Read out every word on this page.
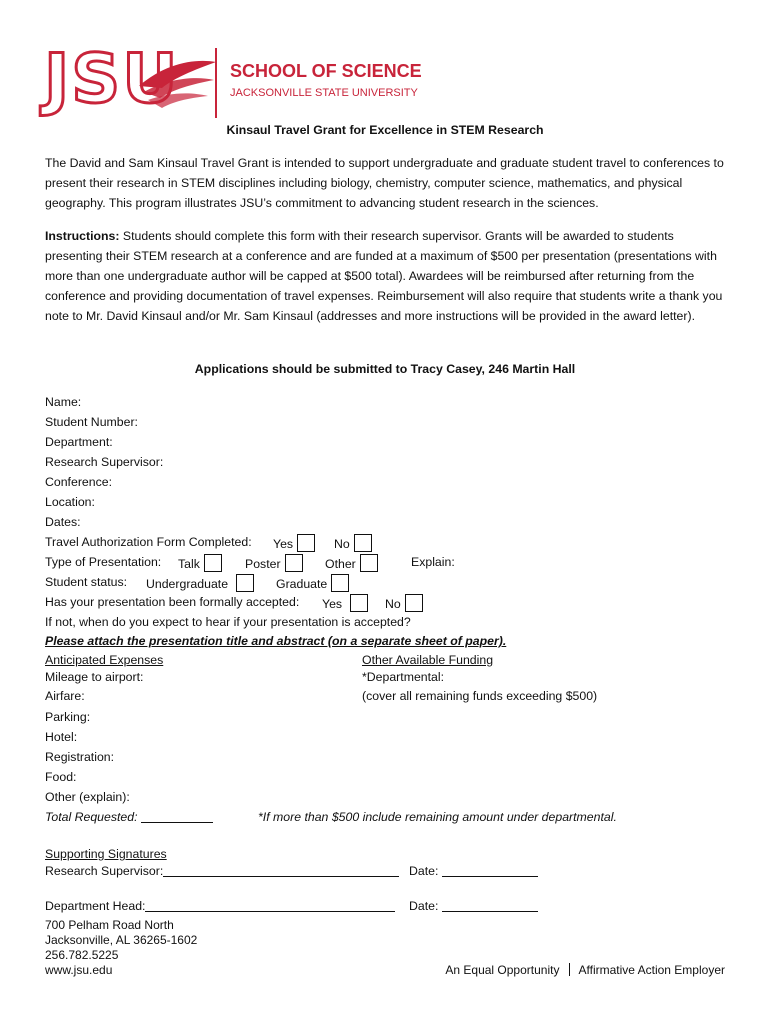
JSU	SCHOOL OF SCIENCE
JACKSONVILLE STATE UNIVERSITY
Kinsaul Travel Grant for Excellence in STEM Research
The David and Sam Kinsaul Travel Grant is intended to support undergraduate and graduate student travel to conferences to present their research in STEM disciplines including biology, chemistry, computer science, mathematics, and physical geography. This program illustrates JSU’s commitment to advancing student research in the sciences.
Instructions: Students should complete this form with their research supervisor. Grants will be awarded to students presenting their STEM research at a conference and are funded at a maximum of $500 per presentation (presentations with more than one undergraduate author will be capped at $500 total). Awardees will be reimbursed after returning from the conference and providing documentation of travel expenses. Reimbursement will also require that students write a thank you note to Mr. David Kinsaul and/or Mr. Sam Kinsaul (addresses and more instructions will be provided in the award letter).
Applications should be submitted to Tracy Casey, 246 Martin Hall
Name:
Student Number:
Department:
Research Supervisor:
Conference:
Location:
Dates:
Travel Authorization Form Completed: Yes	No
Type of Presentation: Talk	Poster	Other	Explain:
Student status: Undergraduate	Graduate
Has your presentation been formally accepted: Yes	No
If not, when do you expect to hear if your presentation is accepted?
Please attach the presentation title and abstract (on a separate sheet of paper).
Anticipated Expenses
Mileage to airport:
Airfare:
Parking:
Hotel:
Registration:
Food:
Other (explain):
Total Requested:
Other Available Funding
*Departmental:
(cover all remaining funds exceeding $500)
*If more than $500 include remaining amount under departmental.
Supporting Signatures
Research Supervisor:	Date:
Department Head:	Date:
700 Pelham Road North
Jacksonville, AL 36265-1602
256.782.5225
www.jsu.edu	An Equal Opportunity Affirmative Action Employer
